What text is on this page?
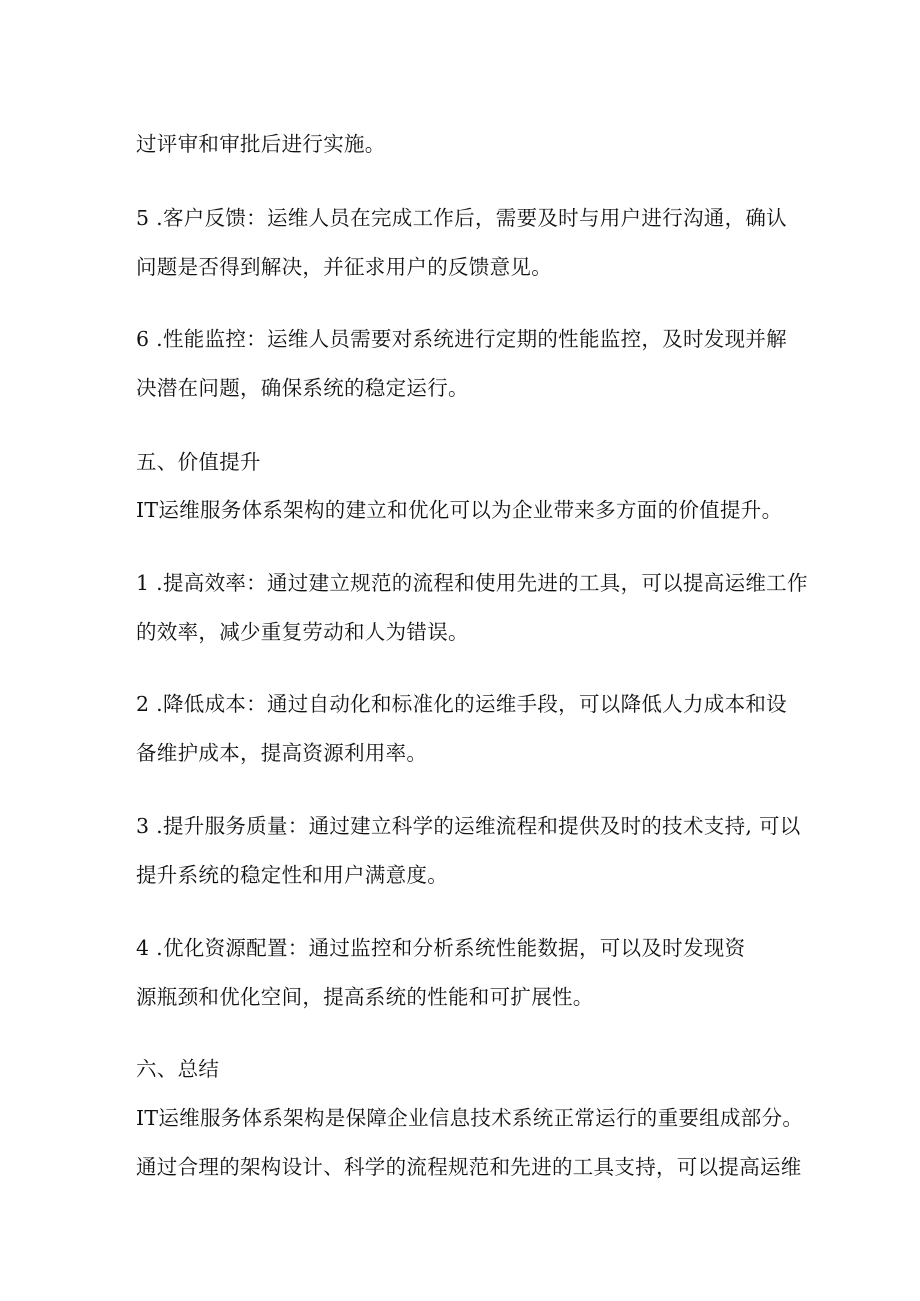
过评审和审批后进行实施。
5 .客户反馈：运维人员在完成工作后，需要及时与用户进行沟通，确认
问题是否得到解决，并征求用户的反馈意见。
6 .性能监控：运维人员需要对系统进行定期的性能监控，及时发现并解
决潜在问题，确保系统的稳定运行。
五、价值提升
IT运维服务体系架构的建立和优化可以为企业带来多方面的价值提升。
1 .提高效率：通过建立规范的流程和使用先进的工具，可以提高运维工作
的效率，减少重复劳动和人为错误。
2 .降低成本：通过自动化和标准化的运维手段，可以降低人力成本和设
备维护成本，提高资源利用率。
3 .提升服务质量：通过建立科学的运维流程和提供及时的技术支持, 可以
提升系统的稳定性和用户满意度。
4 .优化资源配置：通过监控和分析系统性能数据，可以及时发现资
源瓶颈和优化空间，提高系统的性能和可扩展性。
六、总结
IT运维服务体系架构是保障企业信息技术系统正常运行的重要组成部分。
通过合理的架构设计、科学的流程规范和先进的工具支持，可以提高运维
